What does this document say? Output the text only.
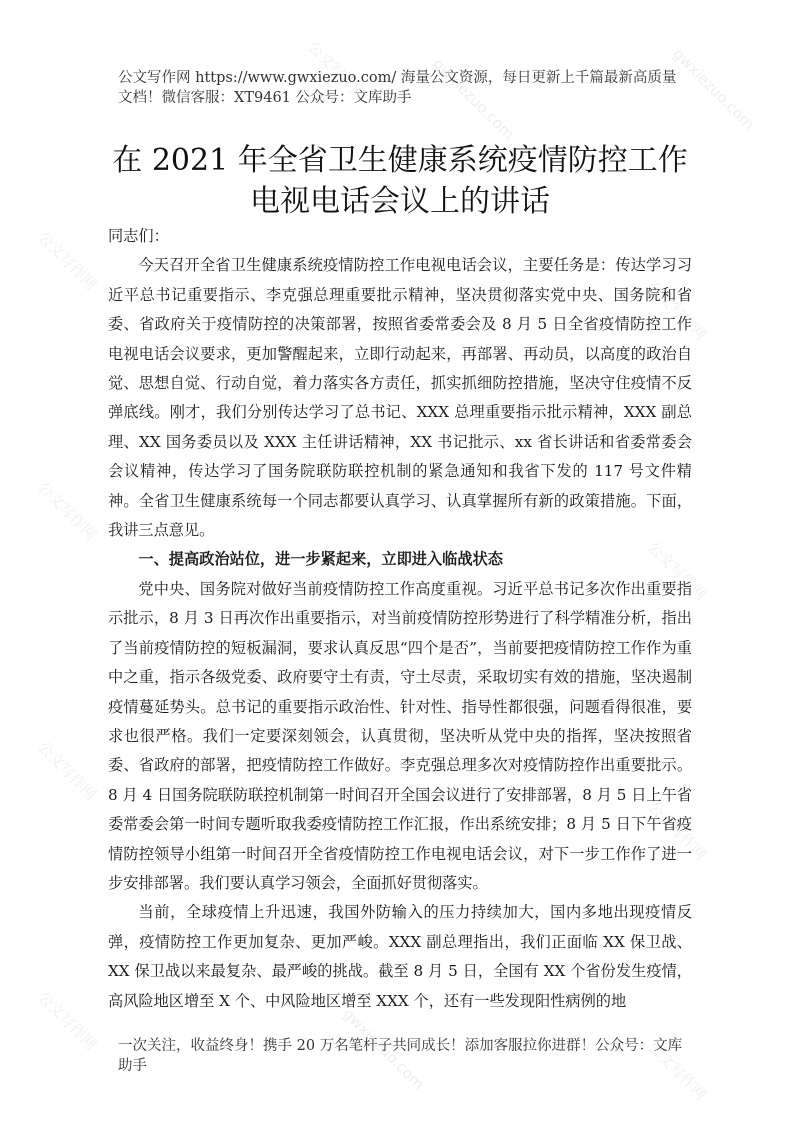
公文写作网	gwxiezuo.com	gwxiezuo.com
公文写作网
公文写作网
公文写作网
公文写作网
公文写作网
公文写作网
公文写作网	gwxiezuo.com	公文写作网
公文写作网 https://www.gwxiezuo.com/ 海量公文资源，每日更新上千篇最新高质量文档！微信客服：XT9461 公众号：文库助手
在 2021 年全省卫生健康系统疫情防控工作电视电话会议上的讲话

同志们：

今天召开全省卫生健康系统疫情防控工作电视电话会议，主要任务是：传达学习习近平总书记重要指示、李克强总理重要批示精神，坚决贯彻落实党中央、国务院和省委、省政府关于疫情防控的决策部署，按照省委常委会及 8 月 5 日全省疫情防控工作电视电话会议要求，更加警醒起来，立即行动起来，再部署、再动员，以高度的政治自觉、思想自觉、行动自觉，着力落实各方责任，抓实抓细防控措施，坚决守住疫情不反弹底线。刚才，我们分别传达学习了总书记、XXX 总理重要指示批示精神，XXX 副总理、XX 国务委员以及 XXX 主任讲话精神，XX 书记批示、xx 省长讲话和省委常委会会议精神，传达学习了国务院联防联控机制的紧急通知和我省下发的 117 号文件精神。全省卫生健康系统每一个同志都要认真学习、认真掌握所有新的政策措施。下面，我讲三点意见。

一、提高政治站位，进一步紧起来，立即进入临战状态

党中央、国务院对做好当前疫情防控工作高度重视。习近平总书记多次作出重要指示批示，8 月 3 日再次作出重要指示，对当前疫情防控形势进行了科学精准分析，指出了当前疫情防控的短板漏洞，要求认真反思“四个是否”，当前要把疫情防控工作作为重中之重，指示各级党委、政府要守土有责，守土尽责，采取切实有效的措施，坚决遏制疫情蔓延势头。总书记的重要指示政治性、针对性、指导性都很强，问题看得很准，要求也很严格。我们一定要深刻领会，认真贯彻，坚决听从党中央的指挥，坚决按照省委、省政府的部署，把疫情防控工作做好。李克强总理多次对疫情防控作出重要批示。8 月 4 日国务院联防联控机制第一时间召开全国会议进行了安排部署，8 月 5 日上午省委常委会第一时间专题听取我委疫情防控工作汇报，作出系统安排；8 月 5 日下午省疫情防控领导小组第一时间召开全省疫情防控工作电视电话会议，对下一步工作作了进一步安排部署。我们要认真学习领会，全面抓好贯彻落实。

当前，全球疫情上升迅速，我国外防输入的压力持续加大，国内多地出现疫情反弹，疫情防控工作更加复杂、更加严峻。XXX 副总理指出，我们正面临 XX 保卫战、XX 保卫战以来最复杂、最严峻的挑战。截至 8 月 5 日，全国有 XX 个省份发生疫情，高风险地区增至 X 个、中风险地区增至 XXX 个，还有一些发现阳性病例的地

一次关注，收益终身！携手 20 万名笔杆子共同成长！添加客服拉你进群！公众号：文库助手
